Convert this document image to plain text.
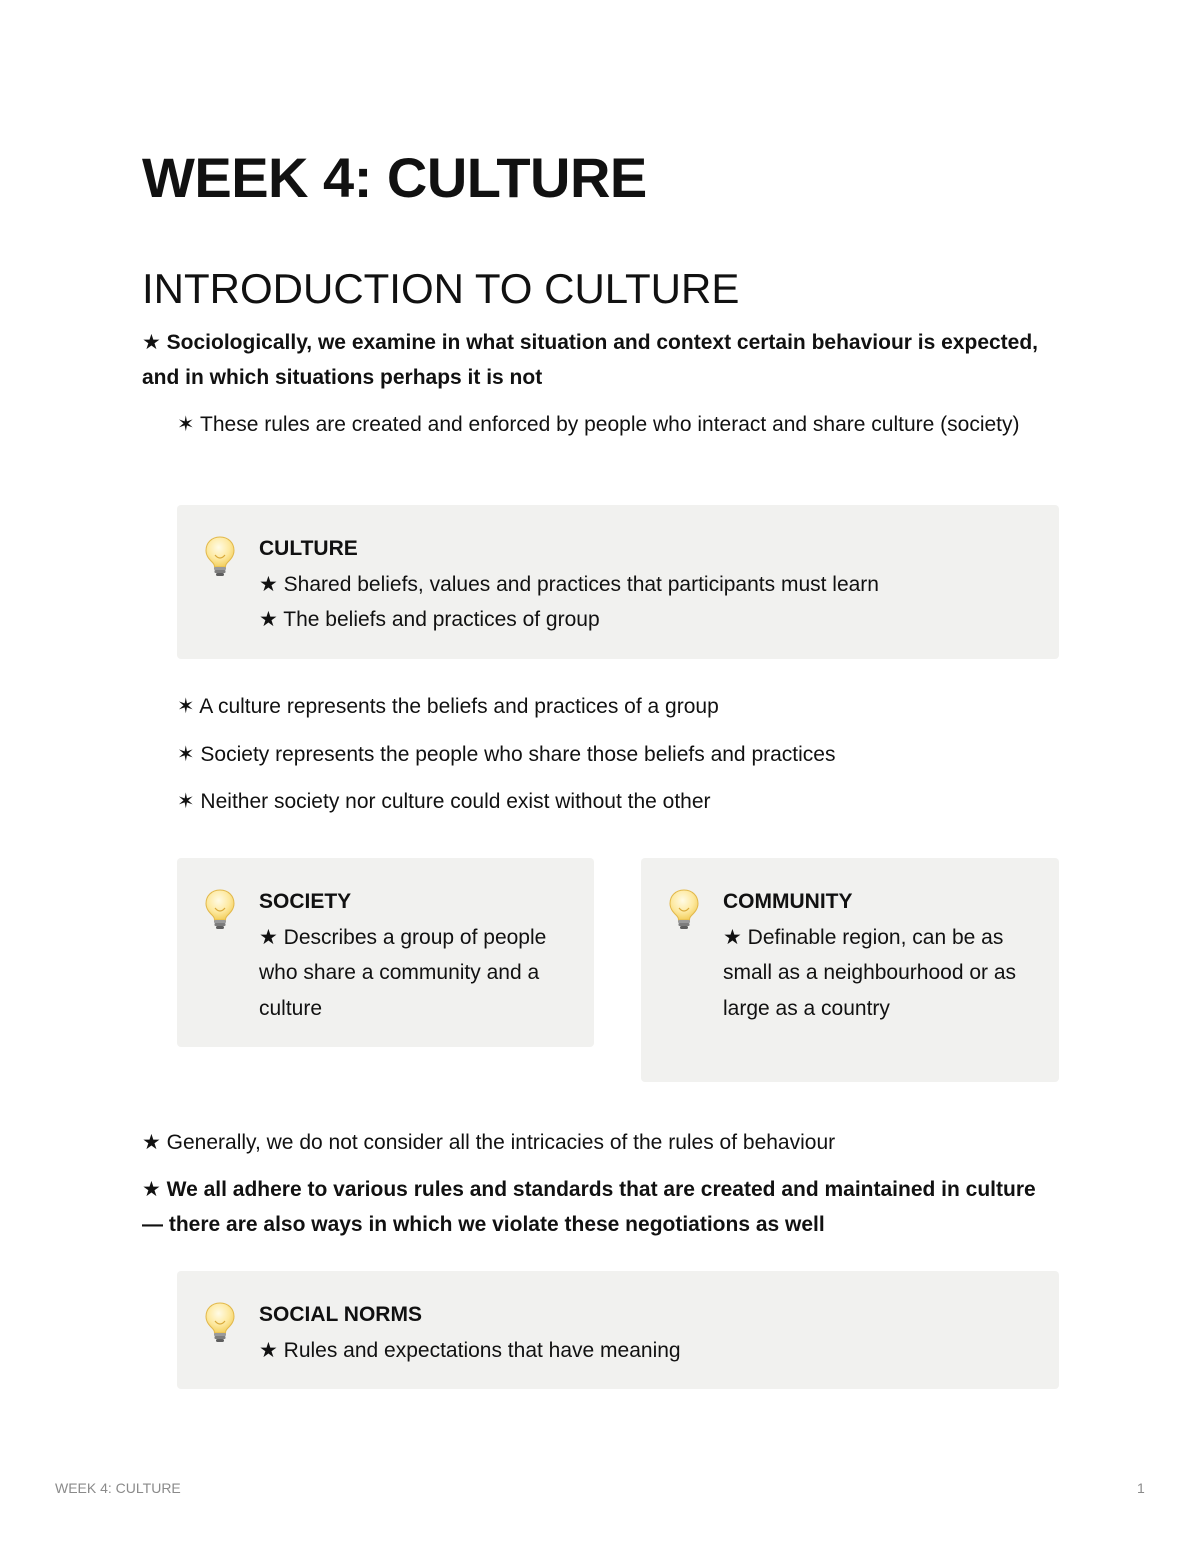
WEEK 4: CULTURE
INTRODUCTION TO CULTURE

★ Sociologically, we examine in what situation and context certain behaviour is expected, and in which situations perhaps it is not

✶ These rules are created and enforced by people who interact and share culture (society)

CULTURE
★ Shared beliefs, values and practices that participants must learn
★ The beliefs and practices of group

✶ A culture represents the beliefs and practices of a group

✶ Society represents the people who share those beliefs and practices

✶ Neither society nor culture could exist without the other

SOCIETY
★ Describes a group of people who share a community and a culture
COMMUNITY
★ Definable region, can be as small as a neighbourhood or as large as a country

★ Generally, we do not consider all the intricacies of the rules of behaviour

★ We all adhere to various rules and standards that are created and maintained in culture — there are also ways in which we violate these negotiations as well

SOCIAL NORMS
★ Rules and expectations that have meaning

WEEK 4: CULTURE	1
